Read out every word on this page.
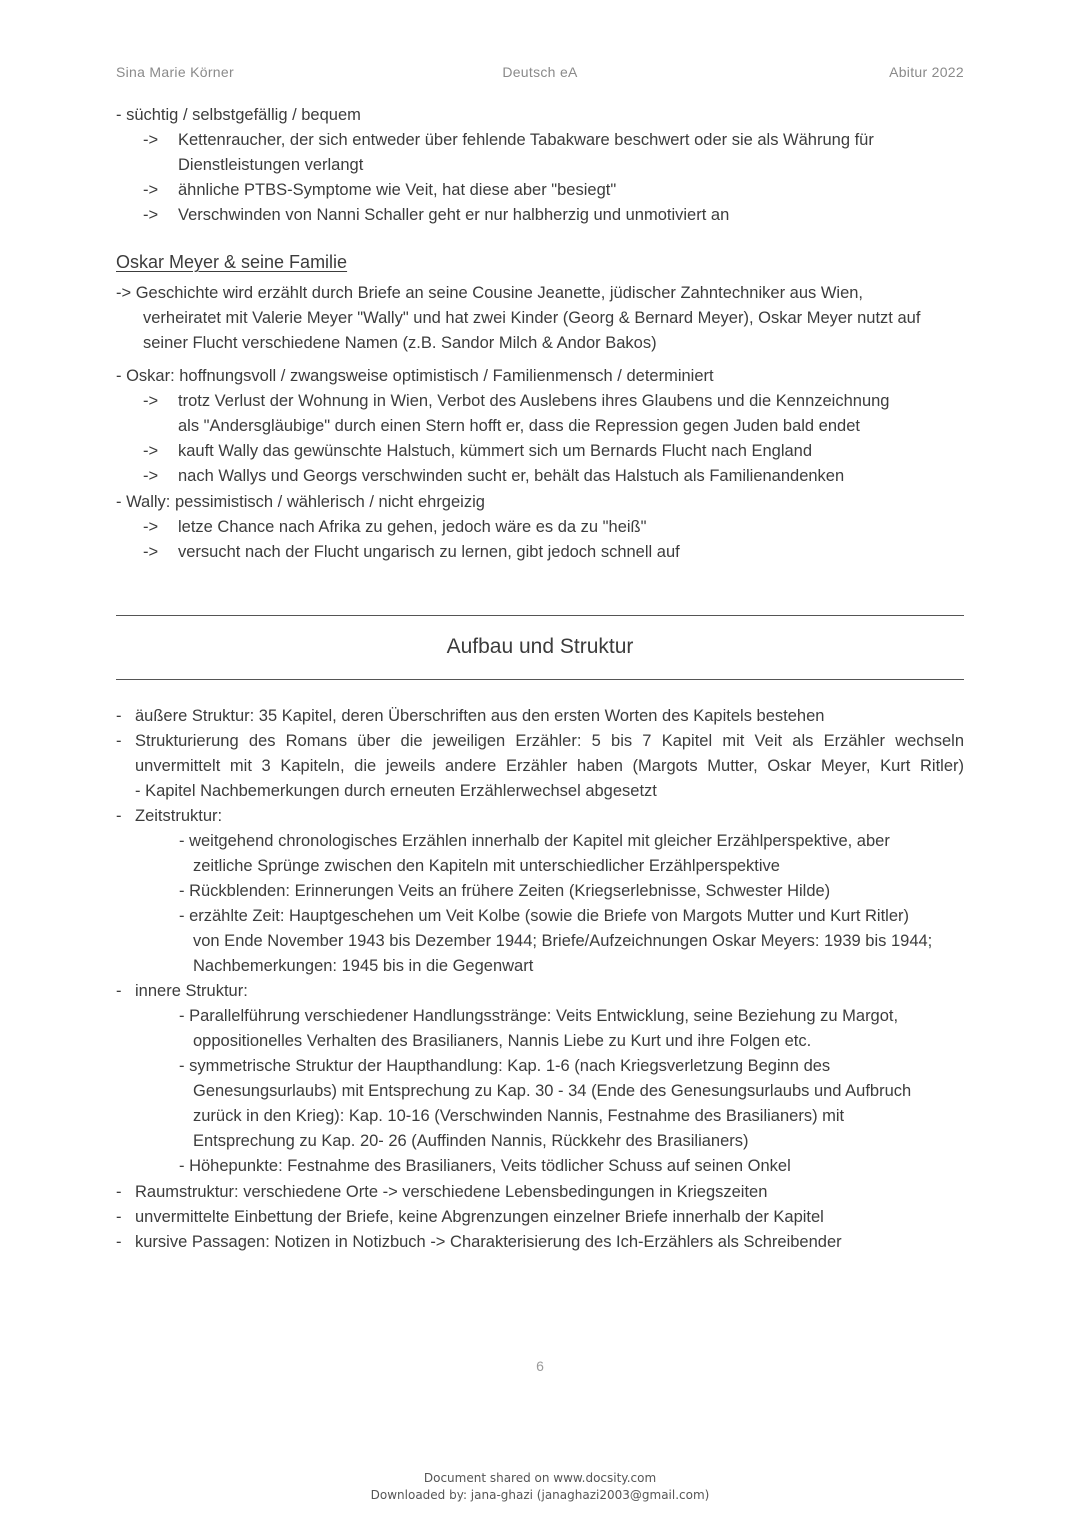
Sina Marie Körner	Deutsch eA	Abitur 2022
- süchtig / selbstgefällig / bequem
-> Kettenraucher, der sich entweder über fehlende Tabakware beschwert oder sie als Währung für
Dienstleistungen verlangt
-> ähnliche PTBS-Symptome wie Veit, hat diese aber "besiegt"
-> Verschwinden von Nanni Schaller geht er nur halbherzig und unmotiviert an
Oskar Meyer & seine Familie
-> Geschichte wird erzählt durch Briefe an seine Cousine Jeanette, jüdischer Zahntechniker aus Wien,
verheiratet mit Valerie Meyer "Wally" und hat zwei Kinder (Georg & Bernard Meyer), Oskar Meyer nutzt auf
seiner Flucht verschiedene Namen (z.B. Sandor Milch & Andor Bakos)
- Oskar: hoffnungsvoll / zwangsweise optimistisch / Familienmensch / determiniert
-> trotz Verlust der Wohnung in Wien, Verbot des Auslebens ihres Glaubens und die Kennzeichnung
als "Andersgläubige" durch einen Stern hofft er, dass die Repression gegen Juden bald endet
-> kauft Wally das gewünschte Halstuch, kümmert sich um Bernards Flucht nach England
-> nach Wallys und Georgs verschwinden sucht er, behält das Halstuch als Familienandenken
- Wally: pessimistisch / wählerisch / nicht ehrgeizig
-> letze Chance nach Afrika zu gehen, jedoch wäre es da zu "heiß"
-> versucht nach der Flucht ungarisch zu lernen, gibt jedoch schnell auf
Aufbau und Struktur
- äußere Struktur: 35 Kapitel, deren Überschriften aus den ersten Worten des Kapitels bestehen
- Strukturierung des Romans über die jeweiligen Erzähler: 5 bis 7 Kapitel mit Veit als Erzähler wechseln
unvermittelt mit 3 Kapiteln, die jeweils andere Erzähler haben (Margots Mutter, Oskar Meyer, Kurt Ritler)
- Kapitel Nachbemerkungen durch erneuten Erzählerwechsel abgesetzt
- Zeitstruktur:
- weitgehend chronologisches Erzählen innerhalb der Kapitel mit gleicher Erzählperspektive, aber
zeitliche Sprünge zwischen den Kapiteln mit unterschiedlicher Erzählperspektive
- Rückblenden: Erinnerungen Veits an frühere Zeiten (Kriegserlebnisse, Schwester Hilde)
- erzählte Zeit: Hauptgeschehen um Veit Kolbe (sowie die Briefe von Margots Mutter und Kurt Ritler)
von Ende November 1943 bis Dezember 1944; Briefe/Aufzeichnungen Oskar Meyers: 1939 bis 1944;
Nachbemerkungen: 1945 bis in die Gegenwart
- innere Struktur:
- Parallelführung verschiedener Handlungsstränge: Veits Entwicklung, seine Beziehung zu Margot,
oppositionelles Verhalten des Brasilianers, Nannis Liebe zu Kurt und ihre Folgen etc.
- symmetrische Struktur der Haupthandlung: Kap. 1-6 (nach Kriegsverletzung Beginn des
Genesungsurlaubs) mit Entsprechung zu Kap. 30 - 34 (Ende des Genesungsurlaubs und Aufbruch
zurück in den Krieg): Kap. 10-16 (Verschwinden Nannis, Festnahme des Brasilianers) mit
Entsprechung zu Kap. 20- 26 (Auffinden Nannis, Rückkehr des Brasilianers)
- Höhepunkte: Festnahme des Brasilianers, Veits tödlicher Schuss auf seinen Onkel
- Raumstruktur: verschiedene Orte -> verschiedene Lebensbedingungen in Kriegszeiten
- unvermittelte Einbettung der Briefe, keine Abgrenzungen einzelner Briefe innerhalb der Kapitel
- kursive Passagen: Notizen in Notizbuch -> Charakterisierung des Ich-Erzählers als Schreibender
6
Document shared on www.docsity.com
Downloaded by: jana-ghazi (janaghazi2003@gmail.com)
